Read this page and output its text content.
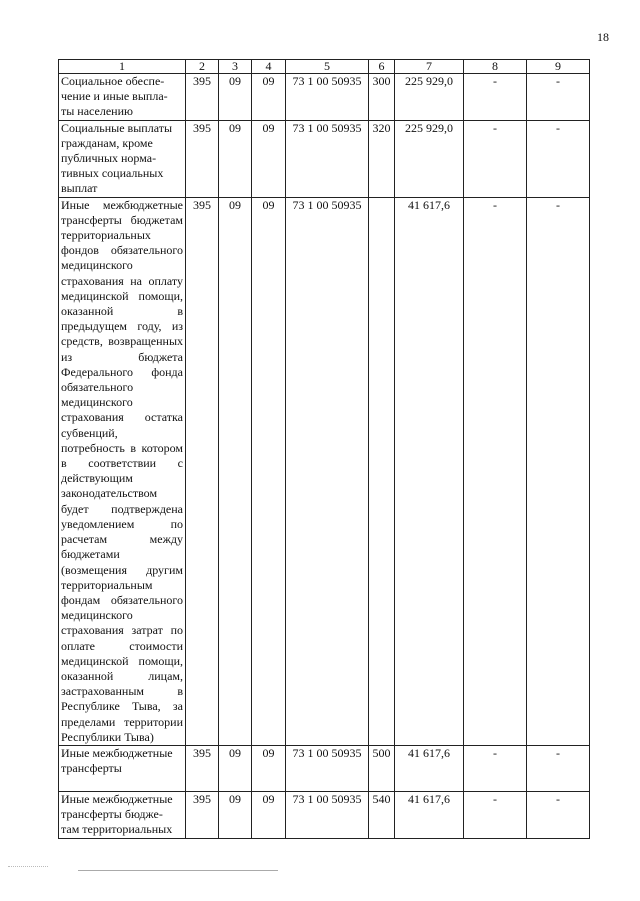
18
1	2	3	4	5	6	7	8	9
Социальное обеспе-
чение и иные выпла-
ты населению	395	09	09	73 1 00 50935	300	225 929,0	-	-
Социальные выплаты
гражданам, кроме
публичных норма-
тивных социальных
выплат	395	09	09	73 1 00 50935	320	225 929,0	-	-
Иные межбюджетные трансферты бюджетам территориальных фондов обязательного медицинского страхования на оплату медицинской помощи, оказанной в предыдущем году, из средств, возвращенных из бюджета Федерального фонда обязательного медицинского страхования остатка субвенций, потребность в котором в соответствии с действующим законодательством будет подтверждена уведомлением по расчетам между бюджетами (возмещения другим территориальным фондам обязательного медицинского страхования затрат по оплате стоимости медицинской помощи, оказанной лицам, застрахованным в Республике Тыва, за пределами территории Республики Тыва)	395	09	09	73 1 00 50935		41 617,6	-	-
Иные межбюджетные
трансферты	395	09	09	73 1 00 50935	500	41 617,6	-	-
Иные межбюджетные
трансферты бюдже-
там территориальных	395	09	09	73 1 00 50935	540	41 617,6	-	-
